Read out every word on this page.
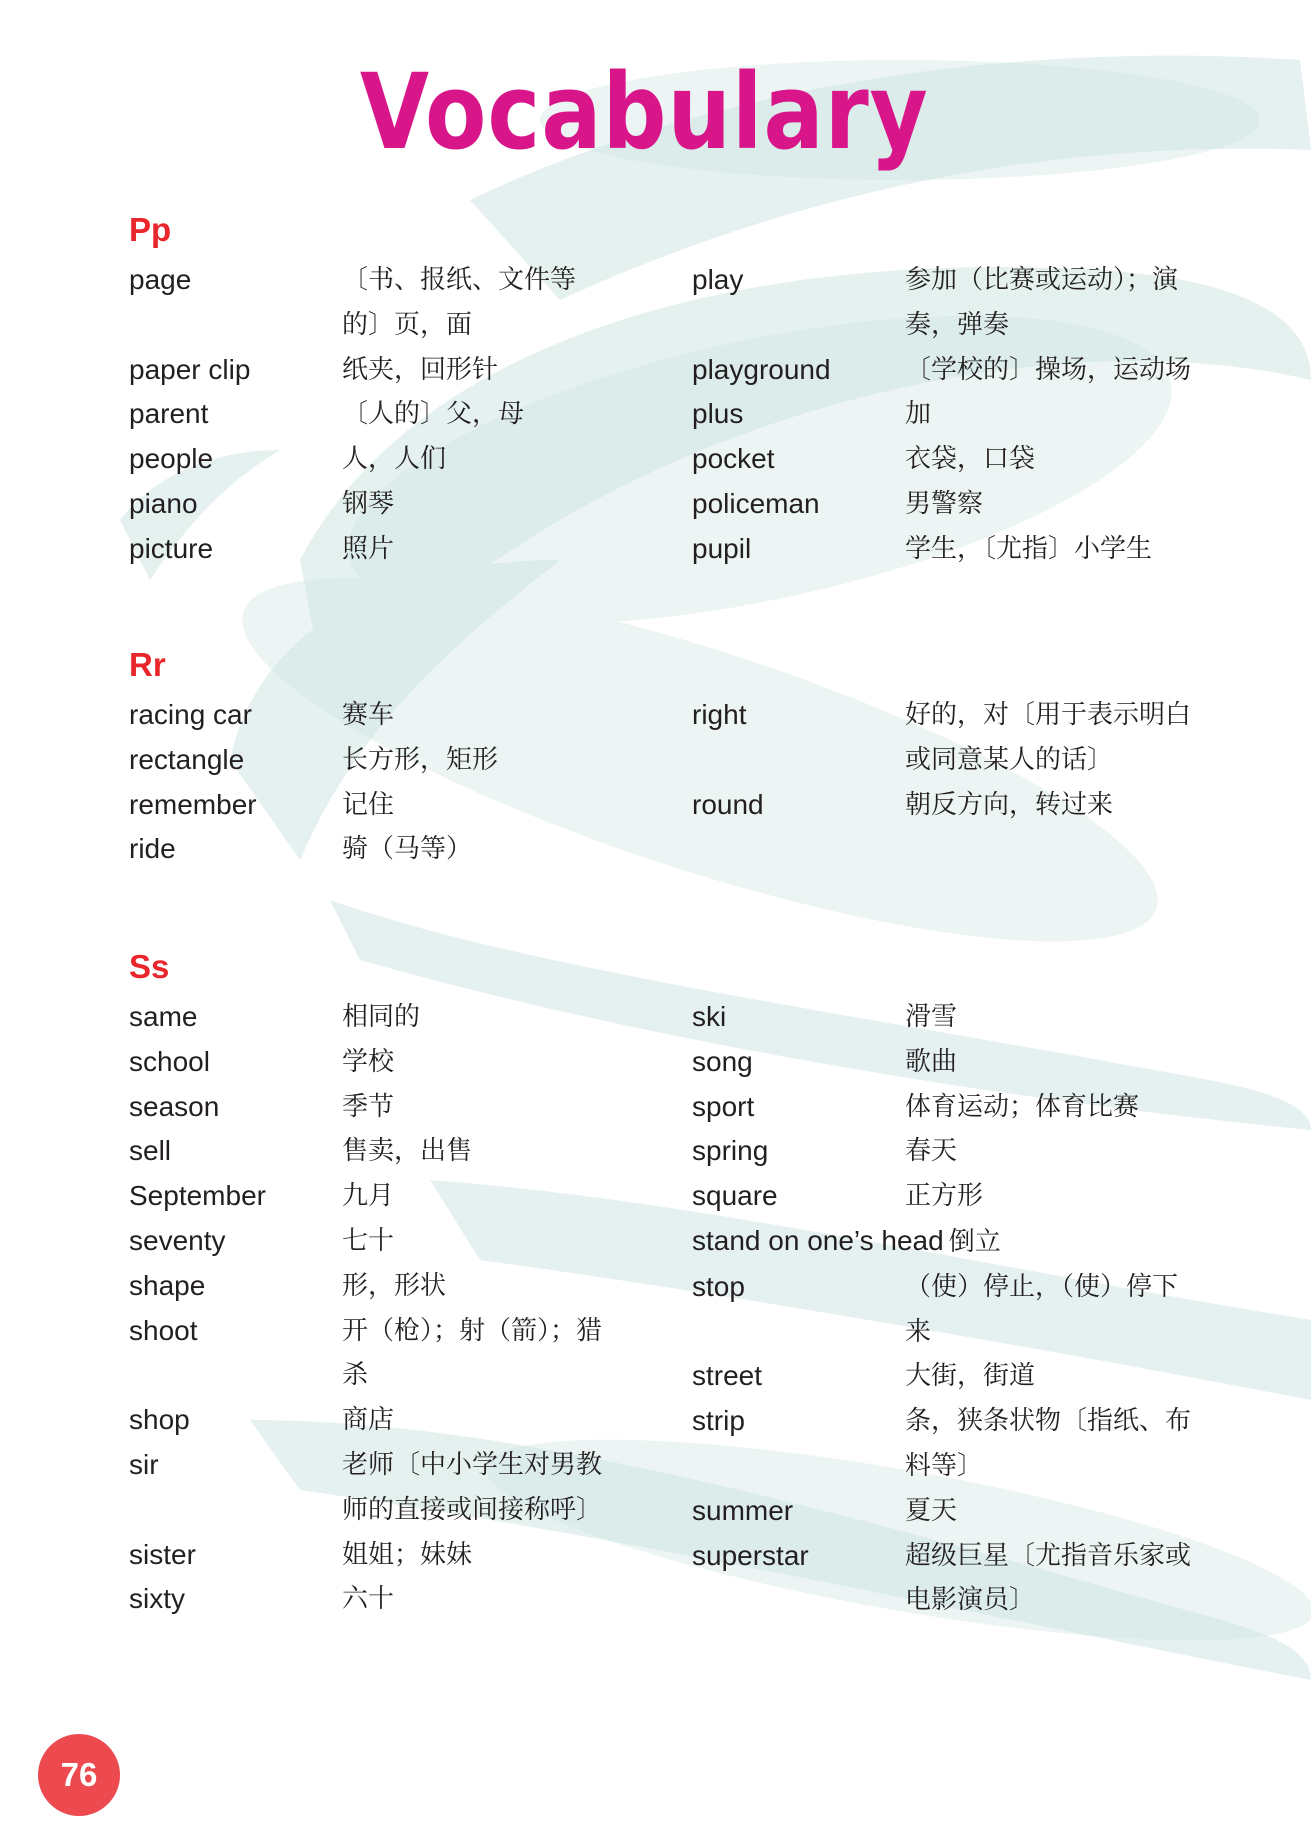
Vocabulary
Pp
page	〔书、报纸、文件等的〕页，面
paper clip	纸夹，回形针
parent	〔人的〕父，母
people	人，人们
piano	钢琴
picture	照片
play	参加（比赛或运动）；演奏，弹奏
playground	〔学校的〕操场，运动场
plus	加
pocket	衣袋，口袋
policeman	男警察
pupil	学生，〔尤指〕小学生
Rr
racing car	赛车
rectangle	长方形，矩形
remember	记住
ride	骑（马等）
right	好的，对〔用于表示明白或同意某人的话〕
round	朝反方向，转过来
Ss
same	相同的
school	学校
season	季节
sell	售卖，出售
September	九月
seventy	七十
shape	形，形状
shoot	开（枪）；射（箭）；猎杀
shop	商店
sir	老师〔中小学生对男教师的直接或间接称呼〕
sister	姐姐；妹妹
sixty	六十
ski	滑雪
song	歌曲
sport	体育运动；体育比赛
spring	春天
square	正方形
stand on one’s head 倒立
stop	（使）停止，（使）停下来
street	大街，街道
strip	条，狭条状物〔指纸、布料等〕
summer	夏天
superstar	超级巨星〔尤指音乐家或电影演员〕
76
